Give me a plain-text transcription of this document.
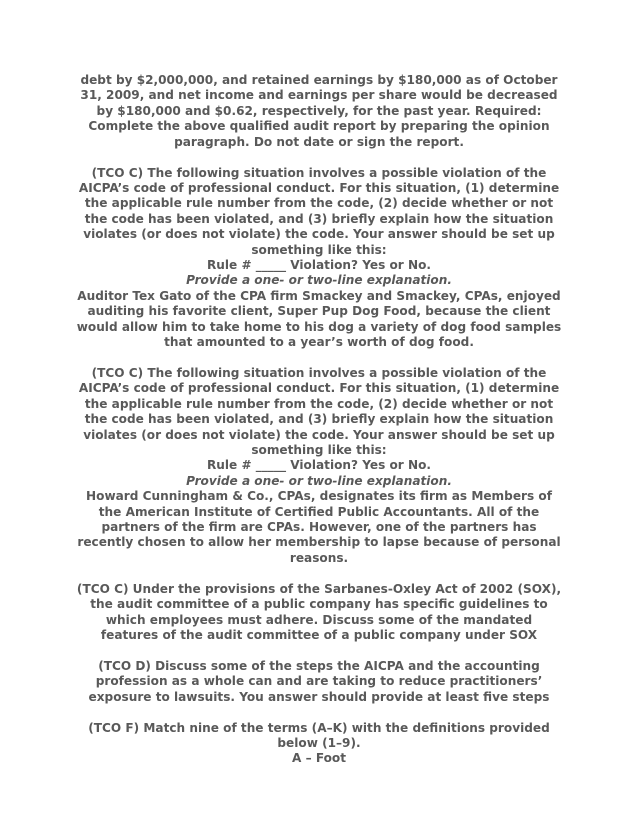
debt by $2,000,000, and retained earnings by $180,000 as of October 31, 2009, and net income and earnings per share would be decreased by $180,000 and $0.62, respectively, for the past year. Required: Complete the above qualified audit report by preparing the opinion paragraph. Do not date or sign the report.

(TCO C) The following situation involves a possible violation of the AICPA’s code of professional conduct. For this situation, (1) determine the applicable rule number from the code, (2) decide whether or not the code has been violated, and (3) briefly explain how the situation violates (or does not violate) the code. Your answer should be set up something like this:

Rule # _____ Violation? Yes or No.

Provide a one- or two-line explanation.

Auditor Tex Gato of the CPA firm Smackey and Smackey, CPAs, enjoyed auditing his favorite client, Super Pup Dog Food, because the client would allow him to take home to his dog a variety of dog food samples that amounted to a year’s worth of dog food.

(TCO C) The following situation involves a possible violation of the AICPA’s code of professional conduct. For this situation, (1) determine the applicable rule number from the code, (2) decide whether or not the code has been violated, and (3) briefly explain how the situation violates (or does not violate) the code. Your answer should be set up something like this:

Rule # _____ Violation? Yes or No.

Provide a one- or two-line explanation.

Howard Cunningham & Co., CPAs, designates its firm as Members of the American Institute of Certified Public Accountants. All of the partners of the firm are CPAs. However, one of the partners has recently chosen to allow her membership to lapse because of personal reasons.

(TCO C) Under the provisions of the Sarbanes-Oxley Act of 2002 (SOX), the audit committee of a public company has specific guidelines to which employees must adhere. Discuss some of the mandated features of the audit committee of a public company under SOX

(TCO D) Discuss some of the steps the AICPA and the accounting profession as a whole can and are taking to reduce practitioners’ exposure to lawsuits. You answer should provide at least five steps

(TCO F) Match nine of the terms (A–K) with the definitions provided below (1–9).

A – Foot
